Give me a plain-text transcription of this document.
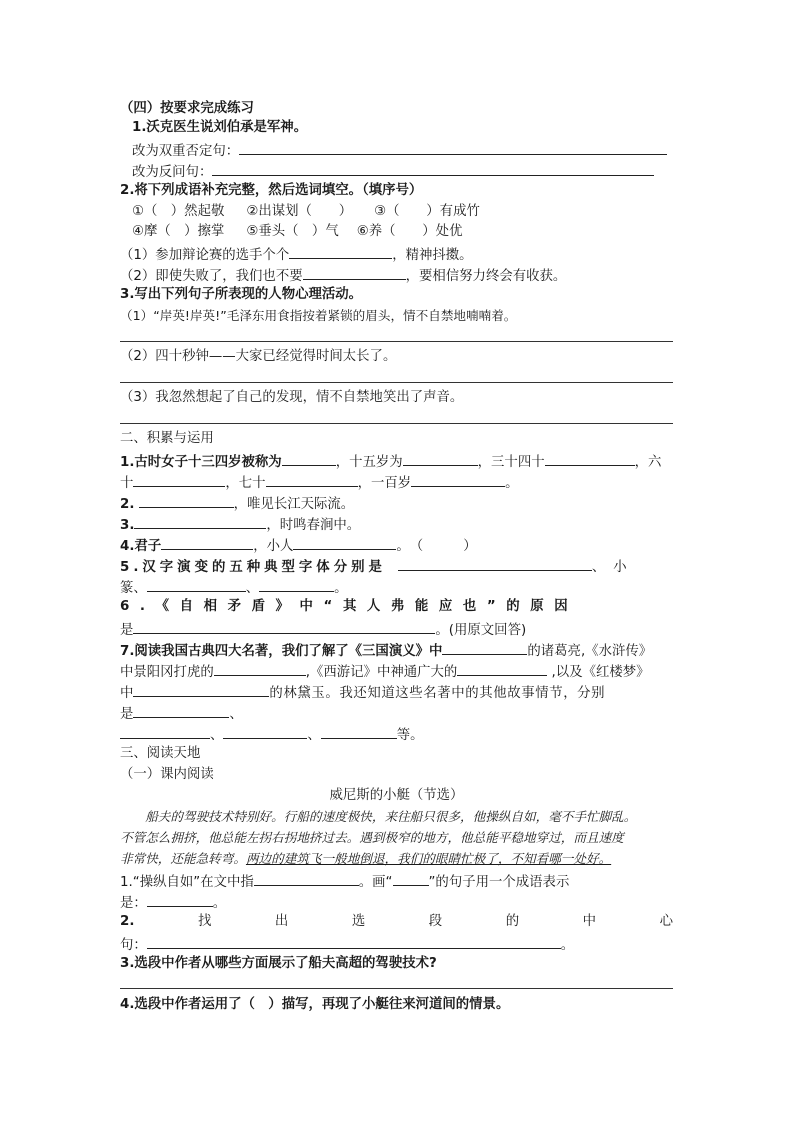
（四）按要求完成练习
1.沃克医生说刘伯承是军神。
改为双重否定句：
改为反问句：
2.将下列成语补充完整，然后选词填空。（填序号）
①（　）然起敬 ②出谋划（　　） ③（　　）有成竹
④摩（　）擦掌 ⑤垂头（　）气 ⑥养（　　）处优
（1）参加辩论赛的选手个个	，精神抖擞。
（2）即使失败了，我们也不要	，要相信努力终会有收获。
3.写出下列句子所表现的人物心理活动。
（1）“岸英!岸英!”毛泽东用食指按着紧锁的眉头，情不自禁地喃喃着。
（2）四十秒钟——大家已经觉得时间太长了。
（3）我忽然想起了自己的发现，情不自禁地笑出了声音。
二、积累与运用
1.古时女子十三四岁被称为	，十五岁为	，三十四十	，六
十	，七十	，一百岁	。
2.	，唯见长江天际流。
3.	，时鸣春涧中。
4.君子	，小人	。　（　　　）
5.汉字演变的五种典型字体分别是	、小
篆、	、	。
6.《自相矛盾》中“其人弗能应也”的原因
是	。(用原文回答)
7.阅读我国古典四大名著，我们了解了《三国演义》中	的诸葛亮,《水浒传》
中景阳冈打虎的	,《西游记》中神通广大的	,以及《红楼梦》
中	的林黛玉。我还知道这些名著中的其他故事情节，分别
是	、
、	、	等。
三、阅读天地
（一）课内阅读
威尼斯的小艇（节选）
　　船夫的驾驶技术特别好。行船的速度极快，来往船只很多，他操纵自如，毫不手忙脚乱。
不管怎么拥挤，他总能左拐右拐地挤过去。遇到极窄的地方，他总能平稳地穿过，而且速度
非常快，还能急转弯。两边的建筑飞一般地倒退，我们的眼睛忙极了，不知看哪一处好。
1.“操纵自如”在文中指	。画“	”的句子用一个成语表示
是：	。
2.	找	出	选	段	的	中	心
句：	。
3.选段中作者从哪些方面展示了船夫高超的驾驶技术?
4.选段中作者运用了（　）描写，再现了小艇往来河道间的情景。
